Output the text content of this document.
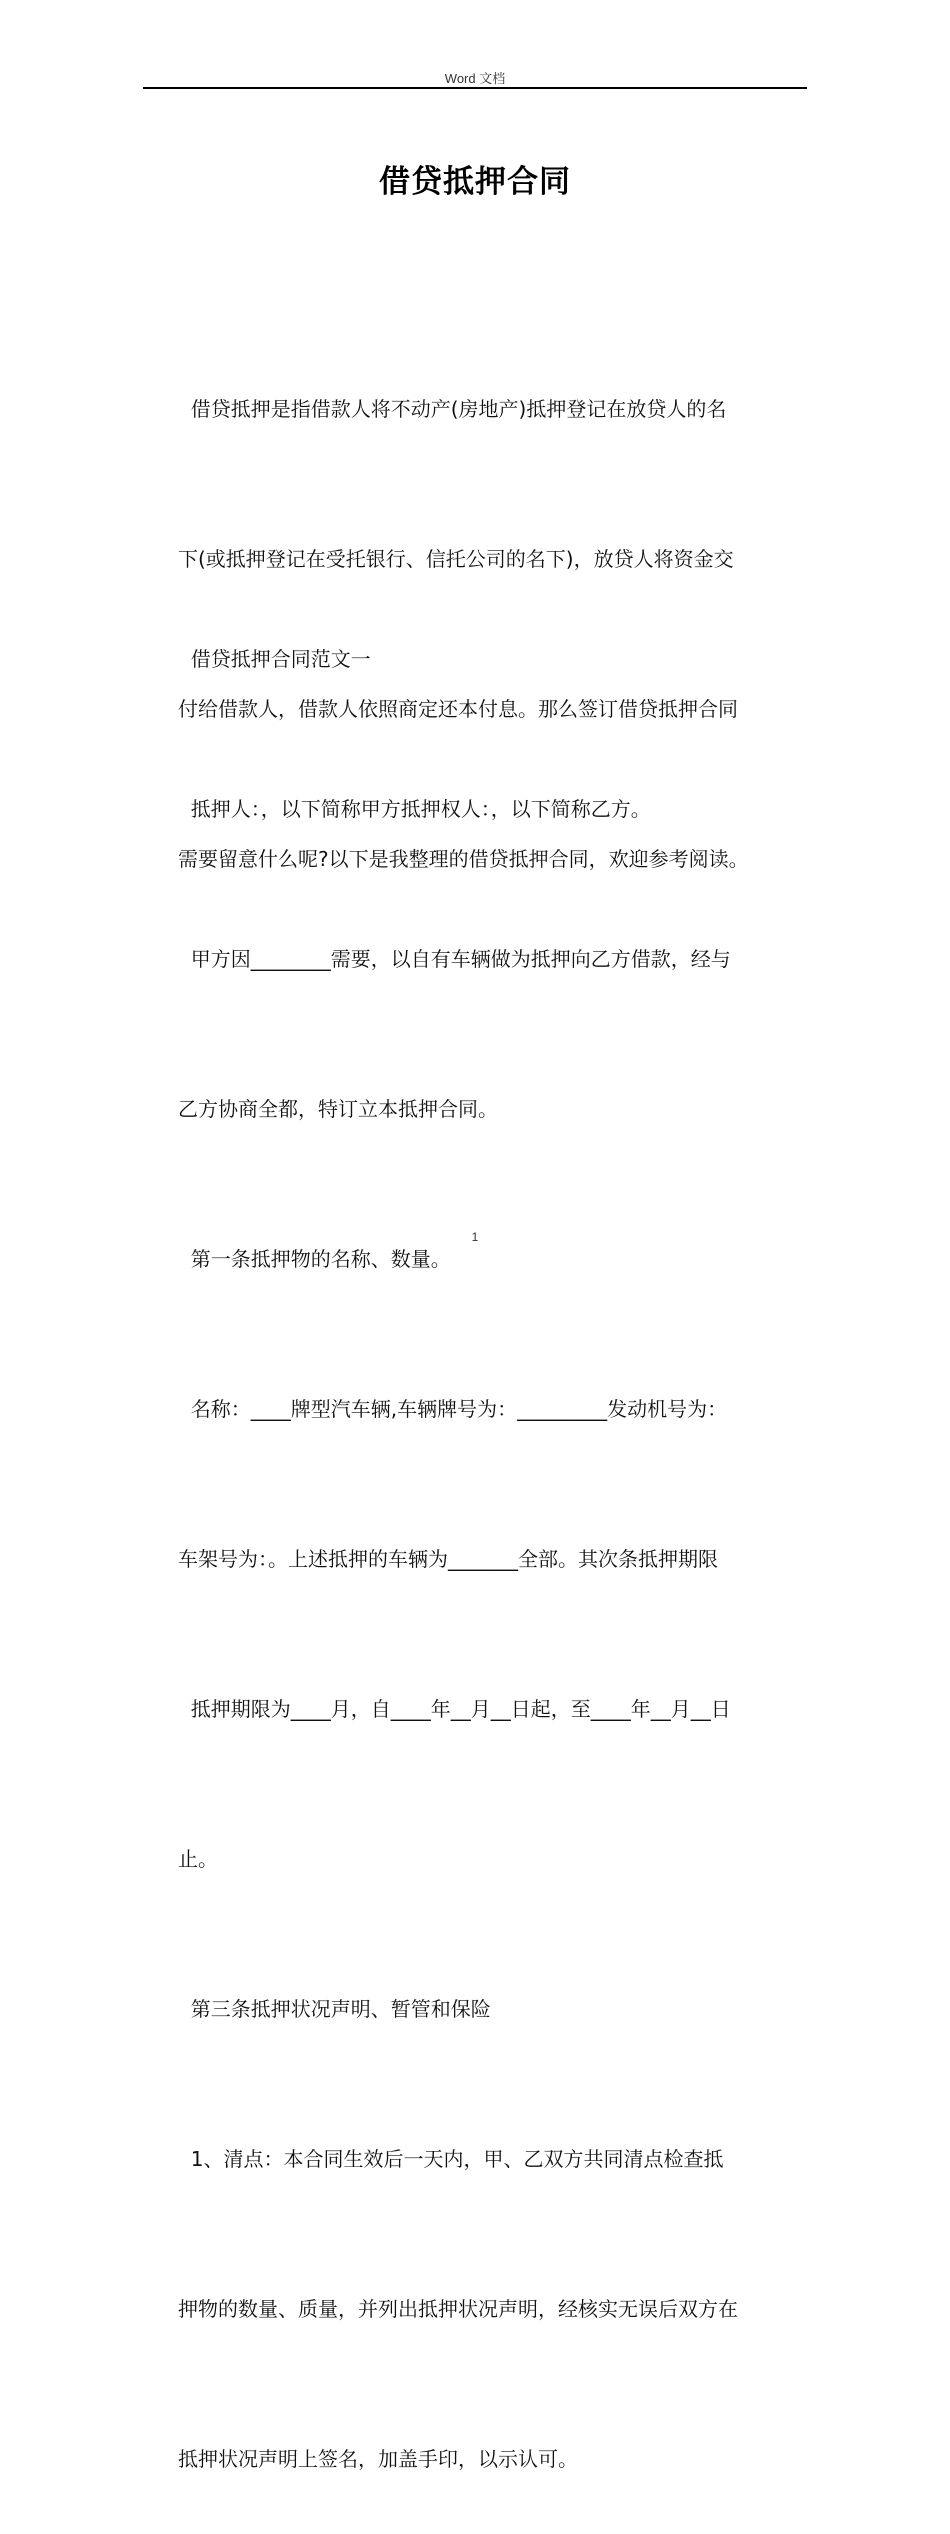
Word 文档
借贷抵押合同

借贷抵押是指借款人将不动产(房地产)抵押登记在放贷人的名

下(或抵押登记在受托银行、信托公司的名下)，放贷人将资金交

付给借款人，借款人依照商定还本付息。那么签订借贷抵押合同

需要留意什么呢?以下是我整理的借贷抵押合同，欢迎参考阅读。

借贷抵押合同范文一

抵押人：，以下简称甲方抵押权人：，以下简称乙方。

甲方因________需要，以自有车辆做为抵押向乙方借款，经与

乙方协商全都，特订立本抵押合同。

第一条抵押物的名称、数量。

名称：____牌型汽车辆,车辆牌号为：_________发动机号为：

车架号为：。上述抵押的车辆为_______全部。其次条抵押期限

抵押期限为____月，自____年__月__日起，至____年__月__日

止。

第三条抵押状况声明、暂管和保险

1、清点：本合同生效后一天内，甲、乙双方共同清点检查抵

押物的数量、质量，并列出抵押状况声明，经核实无误后双方在

抵押状况声明上签名，加盖手印，以示认可。

1
